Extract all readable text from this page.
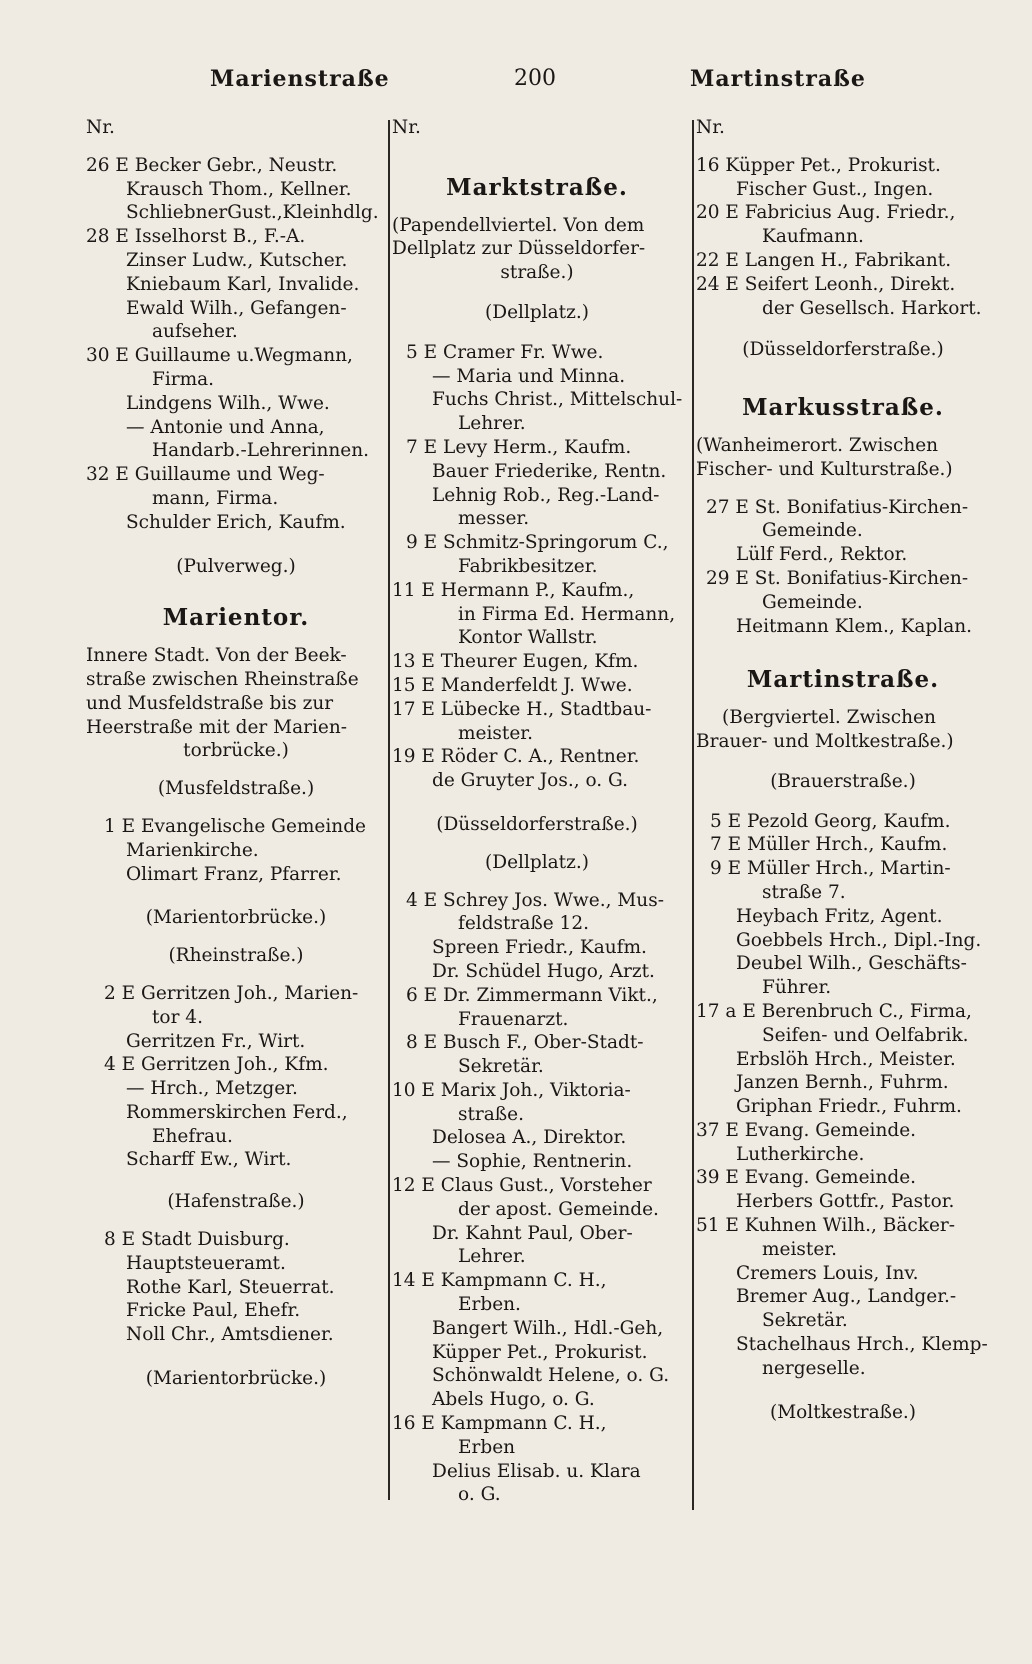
Marienstraße	200	Martinstraße
Nr.
26 E Becker Gebr., Neustr.
Krausch Thom., Kellner.
SchliebnerGust.,Kleinhdlg.
28 E Isselhorst B., F.-A.
Zinser Ludw., Kutscher.
Kniebaum Karl, Invalide.
Ewald Wilh., Gefangen-
aufseher.
30 E Guillaume u.Wegmann,
Firma.
Lindgens Wilh., Wwe.
— Antonie und Anna,
Handarb.-Lehrerinnen.
32 E Guillaume und Weg-
mann, Firma.
Schulder Erich, Kaufm.
(Pulverweg.)
Marientor.
Innere Stadt. Von der Beek-
straße zwischen Rheinstraße
und Musfeldstraße bis zur
Heerstraße mit der Marien-
torbrücke.)
(Musfeldstraße.)
1 E Evangelische Gemeinde
Marienkirche.
Olimart Franz, Pfarrer.
(Marientorbrücke.)
(Rheinstraße.)
2 E Gerritzen Joh., Marien-
tor 4.
Gerritzen Fr., Wirt.
4 E Gerritzen Joh., Kfm.
— Hrch., Metzger.
Rommerskirchen Ferd.,
Ehefrau.
Scharff Ew., Wirt.
(Hafenstraße.)
8 E Stadt Duisburg.
Hauptsteueramt.
Rothe Karl, Steuerrat.
Fricke Paul, Ehefr.
Noll Chr., Amtsdiener.
(Marientorbrücke.)
Nr.
Marktstraße.
(Papendellviertel. Von dem
Dellplatz zur Düsseldorfer-
straße.)
(Dellplatz.)
5 E Cramer Fr. Wwe.
— Maria und Minna.
Fuchs Christ., Mittelschul-
Lehrer.
7 E Levy Herm., Kaufm.
Bauer Friederike, Rentn.
Lehnig Rob., Reg.-Land-
messer.
9 E Schmitz-Springorum C.,
Fabrikbesitzer.
11 E Hermann P., Kaufm.,
in Firma Ed. Hermann,
Kontor Wallstr.
13 E Theurer Eugen, Kfm.
15 E Manderfeldt J. Wwe.
17 E Lübecke H., Stadtbau-
meister.
19 E Röder C. A., Rentner.
de Gruyter Jos., o. G.
(Düsseldorferstraße.)
(Dellplatz.)
4 E Schrey Jos. Wwe., Mus-
feldstraße 12.
Spreen Friedr., Kaufm.
Dr. Schüdel Hugo, Arzt.
6 E Dr. Zimmermann Vikt.,
Frauenarzt.
8 E Busch F., Ober-Stadt-
Sekretär.
10 E Marix Joh., Viktoria-
straße.
Delosea A., Direktor.
— Sophie, Rentnerin.
12 E Claus Gust., Vorsteher
der apost. Gemeinde.
Dr. Kahnt Paul, Ober-
Lehrer.
14 E Kampmann C. H.,
Erben.
Bangert Wilh., Hdl.-Geh,
Küpper Pet., Prokurist.
Schönwaldt Helene, o. G.
Abels Hugo, o. G.
16 E Kampmann C. H.,
Erben
Delius Elisab. u. Klara
o. G.
Nr.
16 Küpper Pet., Prokurist.
Fischer Gust., Ingen.
20 E Fabricius Aug. Friedr.,
Kaufmann.
22 E Langen H., Fabrikant.
24 E Seifert Leonh., Direkt.
der Gesellsch. Harkort.
(Düsseldorferstraße.)
Markusstraße.
(Wanheimerort. Zwischen
Fischer- und Kulturstraße.)
27 E St. Bonifatius-Kirchen-
Gemeinde.
Lülf Ferd., Rektor.
29 E St. Bonifatius-Kirchen-
Gemeinde.
Heitmann Klem., Kaplan.
Martinstraße.
(Bergviertel. Zwischen
Brauer- und Moltkestraße.)
(Brauerstraße.)
5 E Pezold Georg, Kaufm.
7 E Müller Hrch., Kaufm.
9 E Müller Hrch., Martin-
straße 7.
Heybach Fritz, Agent.
Goebbels Hrch., Dipl.-Ing.
Deubel Wilh., Geschäfts-
Führer.
17 a E Berenbruch C., Firma,
Seifen- und Oelfabrik.
Erbslöh Hrch., Meister.
Janzen Bernh., Fuhrm.
Griphan Friedr., Fuhrm.
37 E Evang. Gemeinde.
Lutherkirche.
39 E Evang. Gemeinde.
Herbers Gottfr., Pastor.
51 E Kuhnen Wilh., Bäcker-
meister.
Cremers Louis, Inv.
Bremer Aug., Landger.-
Sekretär.
Stachelhaus Hrch., Klemp-
nergeselle.
(Moltkestraße.)
